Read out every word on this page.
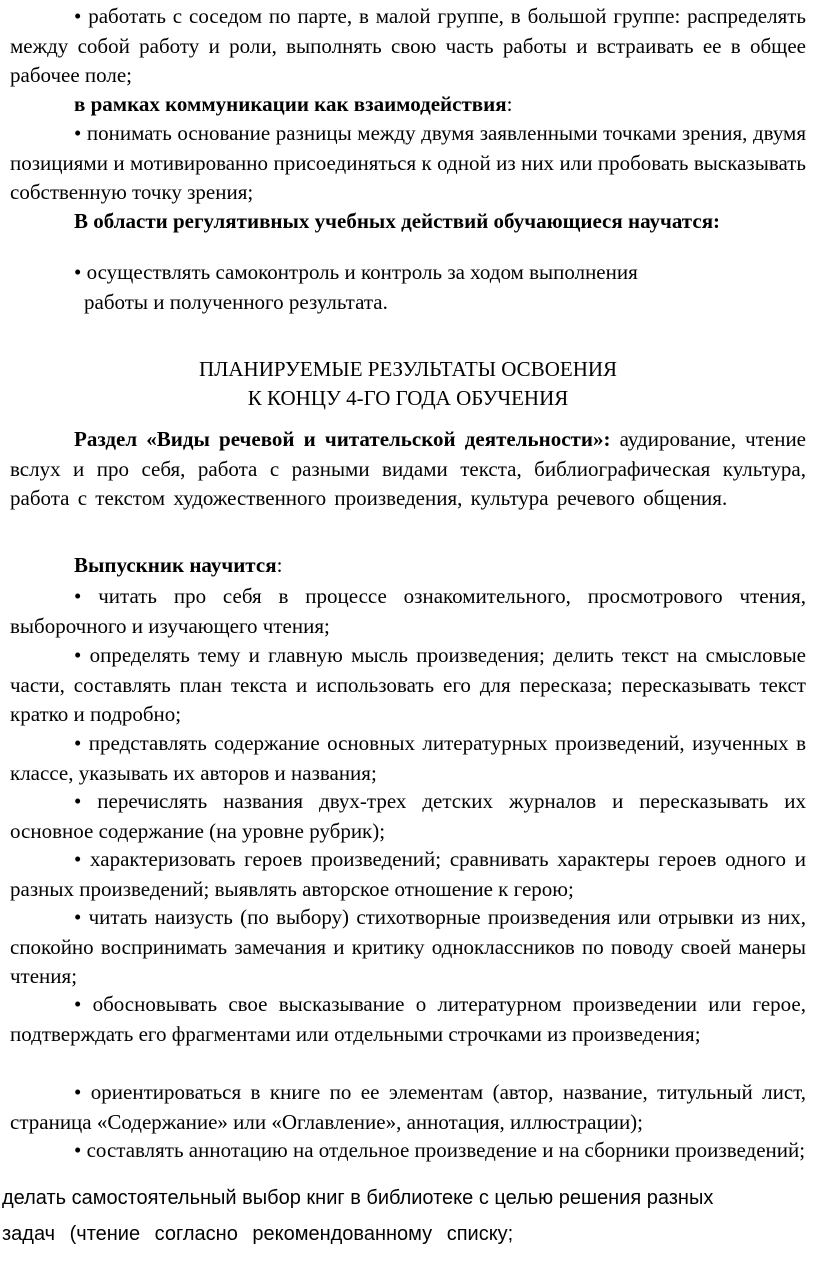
• работать с соседом по парте, в малой группе, в большой группе: распределять между собой работу и роли, выполнять свою часть работы и встраивать ее в общее рабочее поле;

в рамках коммуникации как взаимодействия:

• понимать основание разницы между двумя заявленными точками зрения, двумя позициями и мотивированно присоединяться к одной из них или пробовать высказывать собственную точку зрения;

В области регулятивных учебных действий обучающиеся научатся:

• осуществлять самоконтроль и контроль за ходом выполнения
работы и полученного результата.

ПЛАНИРУЕМЫЕ РЕЗУЛЬТАТЫ ОСВОЕНИЯ

К КОНЦУ 4-ГО ГОДА ОБУЧЕНИЯ

Раздел «Виды речевой и читательской деятельности»: аудирование, чтение вслух и про себя, работа с разными видами текста, библиографическая культура, работа с текстом художественного произведения, культура речевого общения.

Выпускник научится:

• читать про себя в процессе ознакомительного, просмотрового чтения, выборочного и изучающего чтения;

• определять тему и главную мысль произведения; делить текст на смысловые части, составлять план текста и использовать его для пересказа; пересказывать текст кратко и подробно;

• представлять содержание основных литературных произведений, изученных в классе, указывать их авторов и названия;

• перечислять названия двух-трех детских журналов и пересказывать их основное содержание (на уровне рубрик);

• характеризовать героев произведений; сравнивать характеры героев одного и разных произведений; выявлять авторское отношение к герою;

• читать наизусть (по выбору) стихотворные произведения или отрывки из них, спокойно воспринимать замечания и критику одноклассников по поводу своей манеры чтения;

• обосновывать свое высказывание о литературном произведении или герое, подтверждать его фрагментами или отдельными строчками из произведения;

• ориентироваться в книге по ее элементам (автор, название, титульный лист, страница «Содержание» или «Оглавление», аннотация, иллюстрации);

• составлять аннотацию на отдельное произведение и на сборники произведений;

делать самостоятельный выбор книг в библиотеке с целью решения разных

задач (чтение согласно рекомендованному списку;
